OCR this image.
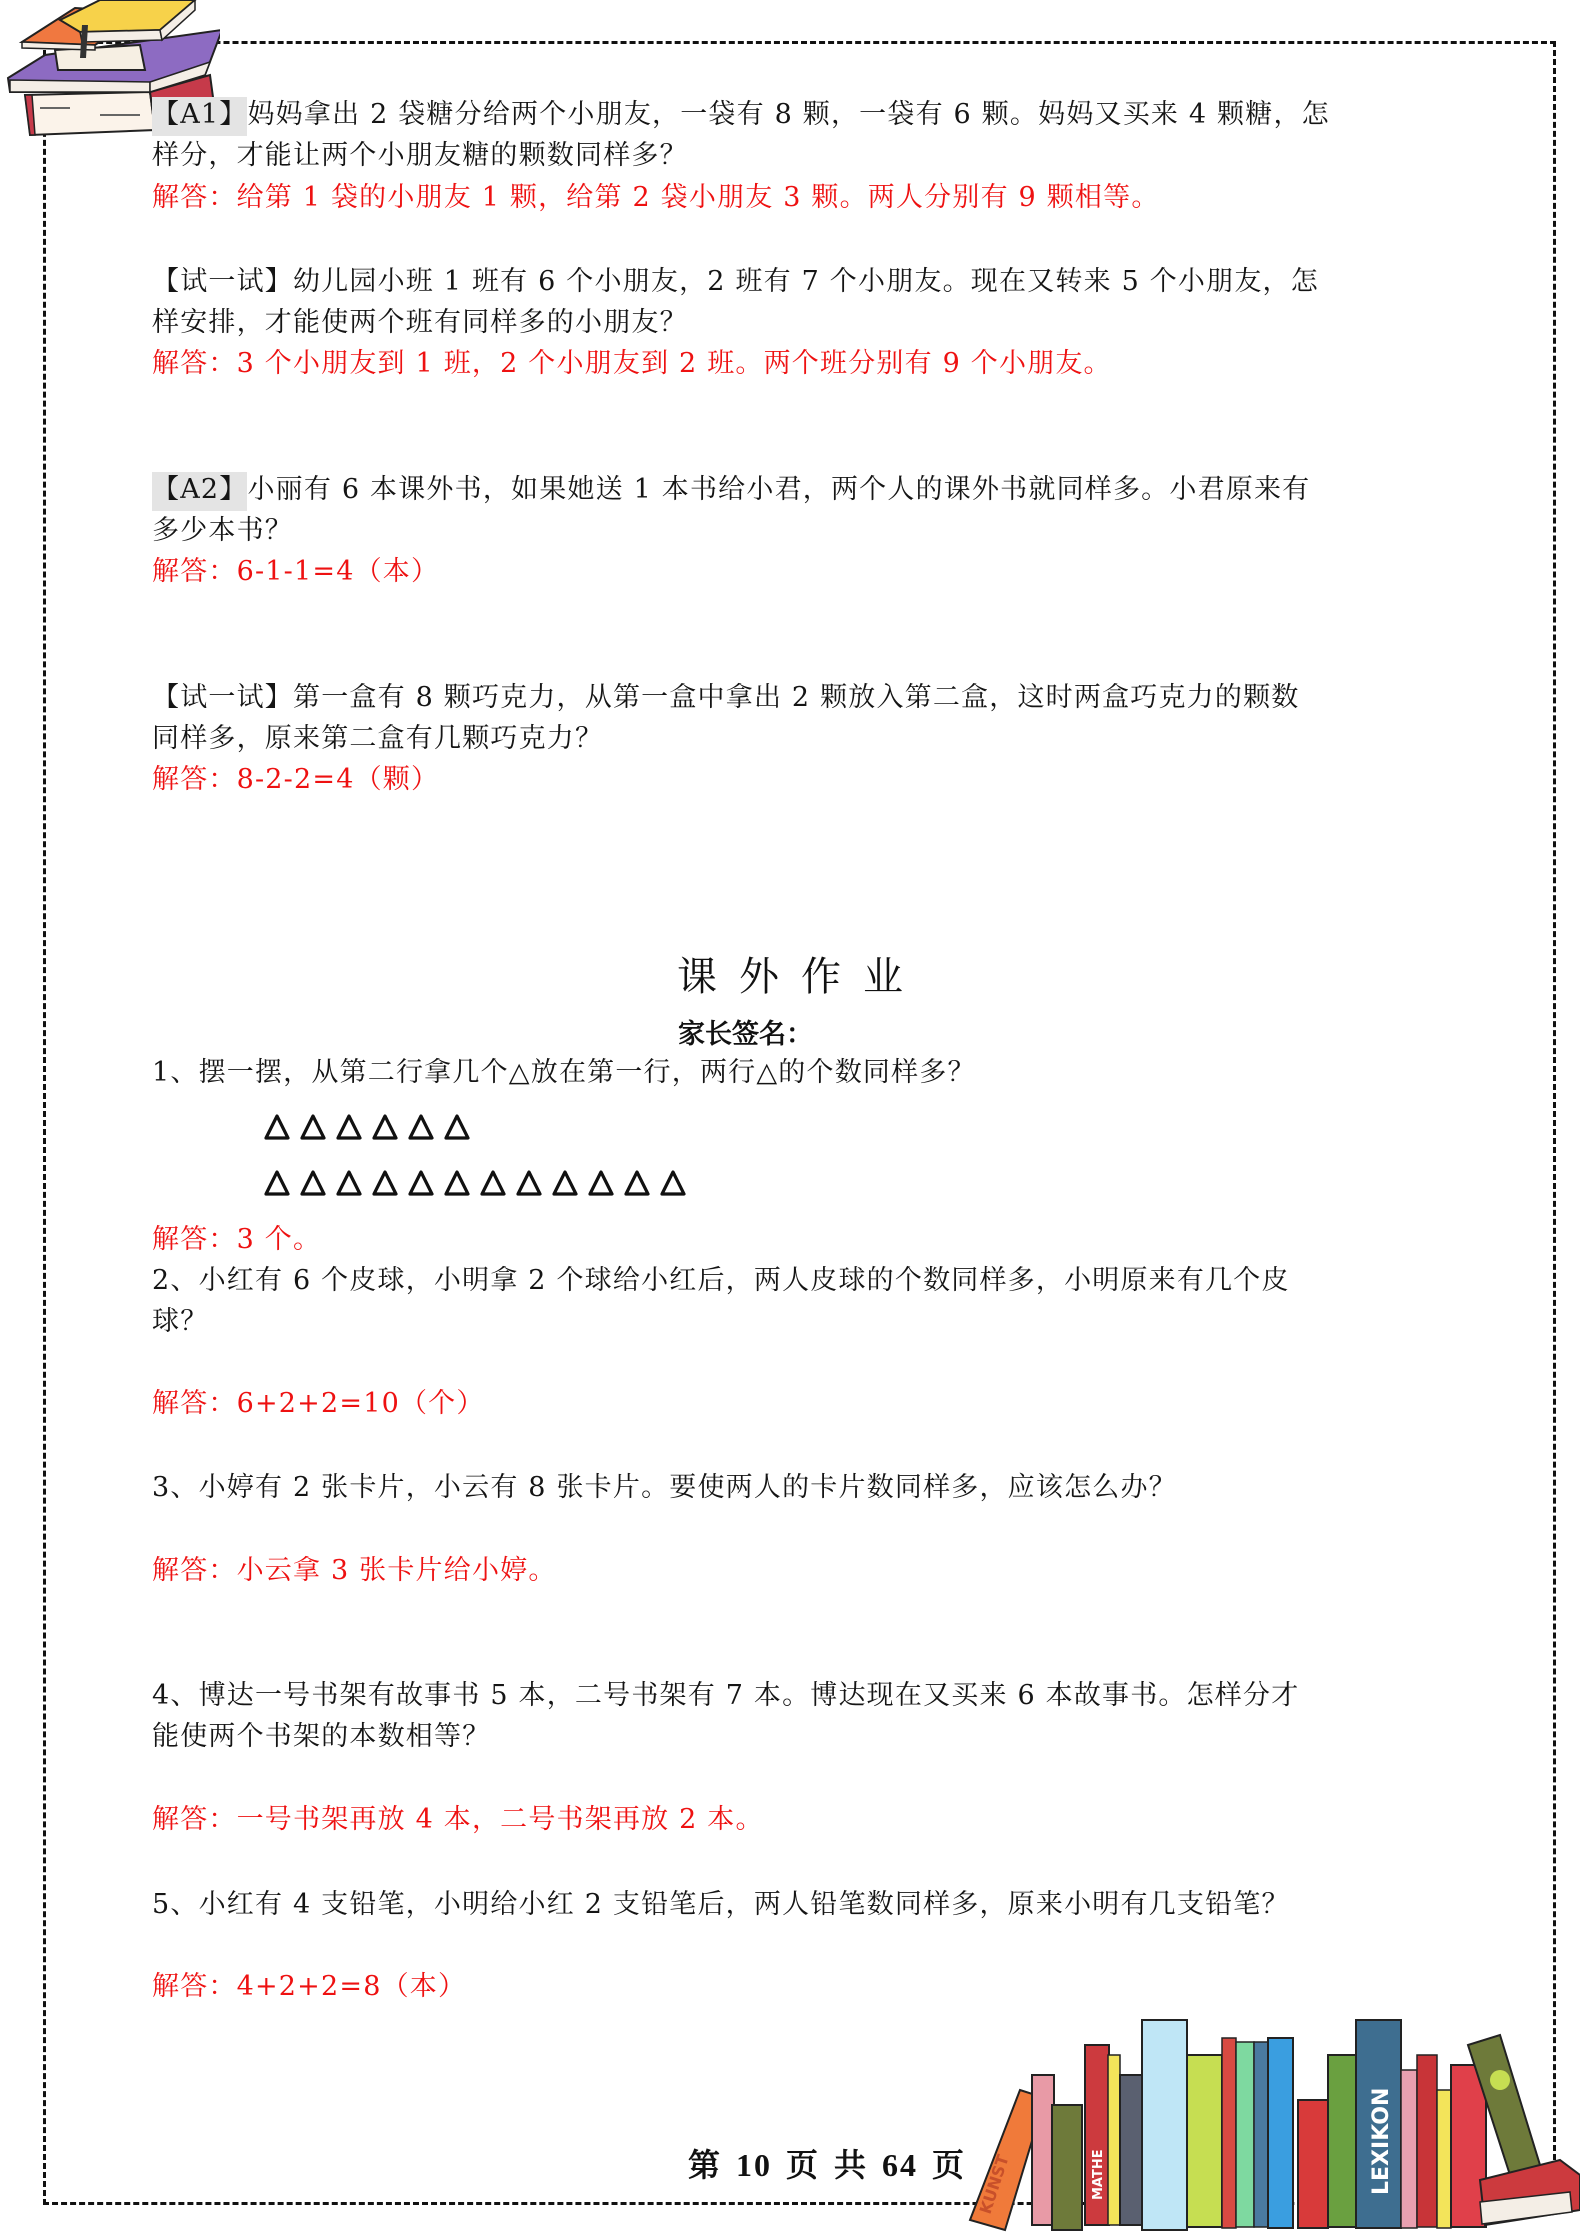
【A1】妈妈拿出 2 袋糖分给两个小朋友，一袋有 8 颗，一袋有 6 颗。妈妈又买来 4 颗糖，怎
样分，才能让两个小朋友糖的颗数同样多？
解答：给第 1 袋的小朋友 1 颗，给第 2 袋小朋友 3 颗。两人分别有 9 颗相等。
【试一试】幼儿园小班 1 班有 6 个小朋友，2 班有 7 个小朋友。现在又转来 5 个小朋友，怎
样安排，才能使两个班有同样多的小朋友？
解答：3 个小朋友到 1 班，2 个小朋友到 2 班。两个班分别有 9 个小朋友。
【A2】小丽有 6 本课外书，如果她送 1 本书给小君，两个人的课外书就同样多。小君原来有
多少本书？
解答：6-1-1=4（本）
【试一试】第一盒有 8 颗巧克力，从第一盒中拿出 2 颗放入第二盒，这时两盒巧克力的颗数
同样多，原来第二盒有几颗巧克力？
解答：8-2-2=4（颗）
课外作业
家长签名：
1、摆一摆，从第二行拿几个△放在第一行，两行△的个数同样多？
解答：3 个。
2、小红有 6 个皮球，小明拿 2 个球给小红后，两人皮球的个数同样多，小明原来有几个皮
球？
解答：6+2+2=10（个）
3、小婷有 2 张卡片，小云有 8 张卡片。要使两人的卡片数同样多，应该怎么办？
解答：小云拿 3 张卡片给小婷。
4、博达一号书架有故事书 5 本，二号书架有 7 本。博达现在又买来 6 本故事书。怎样分才
能使两个书架的本数相等？
解答：一号书架再放 4 本，二号书架再放 2 本。
5、小红有 4 支铅笔，小明给小红 2 支铅笔后，两人铅笔数同样多，原来小明有几支铅笔？
解答：4+2+2=8（本）
KUNST	MATHE	LEXIKON
第 10 页 共 64 页
